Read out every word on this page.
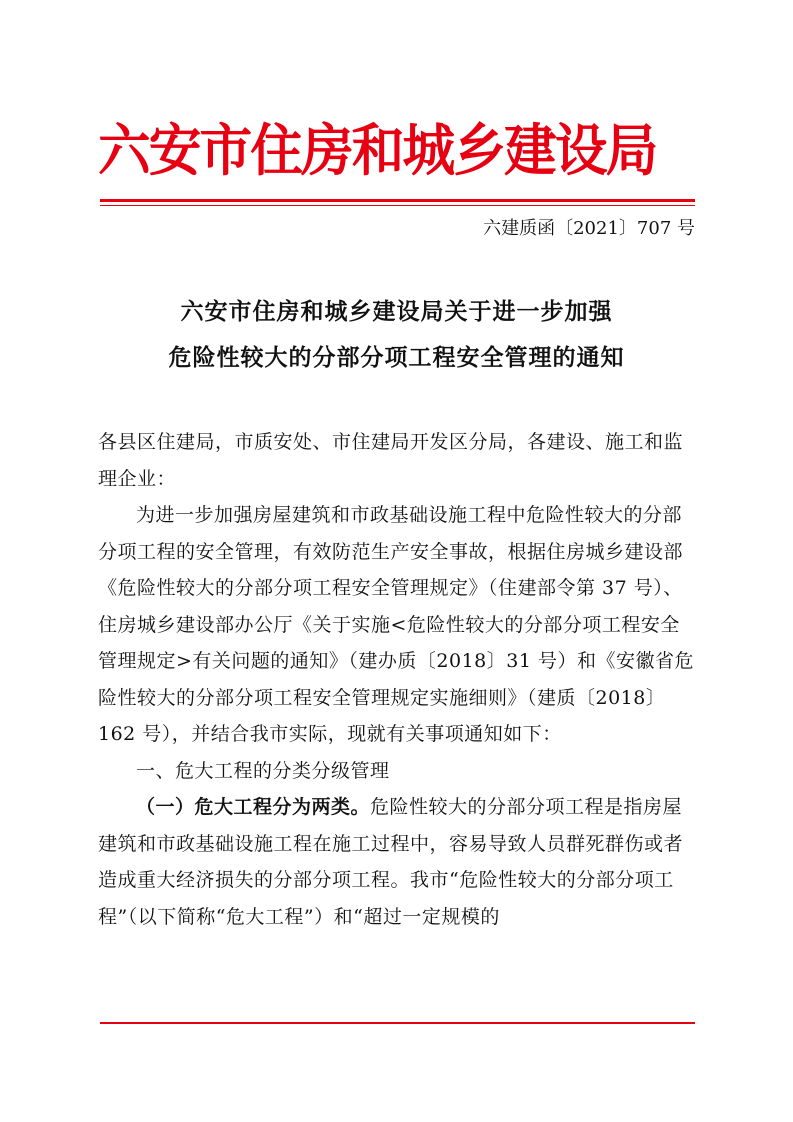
六安市住房和城乡建设局

六建质函〔2021〕707 号

六安市住房和城乡建设局关于进一步加强
危险性较大的分部分项工程安全管理的通知

各县区住建局，市质安处、市住建局开发区分局，各建设、施工和监理企业：

为进一步加强房屋建筑和市政基础设施工程中危险性较大的分部分项工程的安全管理，有效防范生产安全事故，根据住房城乡建设部《危险性较大的分部分项工程安全管理规定》（住建部令第 37 号）、住房城乡建设部办公厅《关于实施<危险性较大的分部分项工程安全管理规定>有关问题的通知》（建办质〔2018〕31 号）和《安徽省危险性较大的分部分项工程安全管理规定实施细则》（建质〔2018〕162 号），并结合我市实际，现就有关事项通知如下：

一、危大工程的分类分级管理

（一）危大工程分为两类。危险性较大的分部分项工程是指房屋建筑和市政基础设施工程在施工过程中，容易导致人员群死群伤或者造成重大经济损失的分部分项工程。我市“危险性较大的分部分项工程”（以下简称“危大工程”）和“超过一定规模的
